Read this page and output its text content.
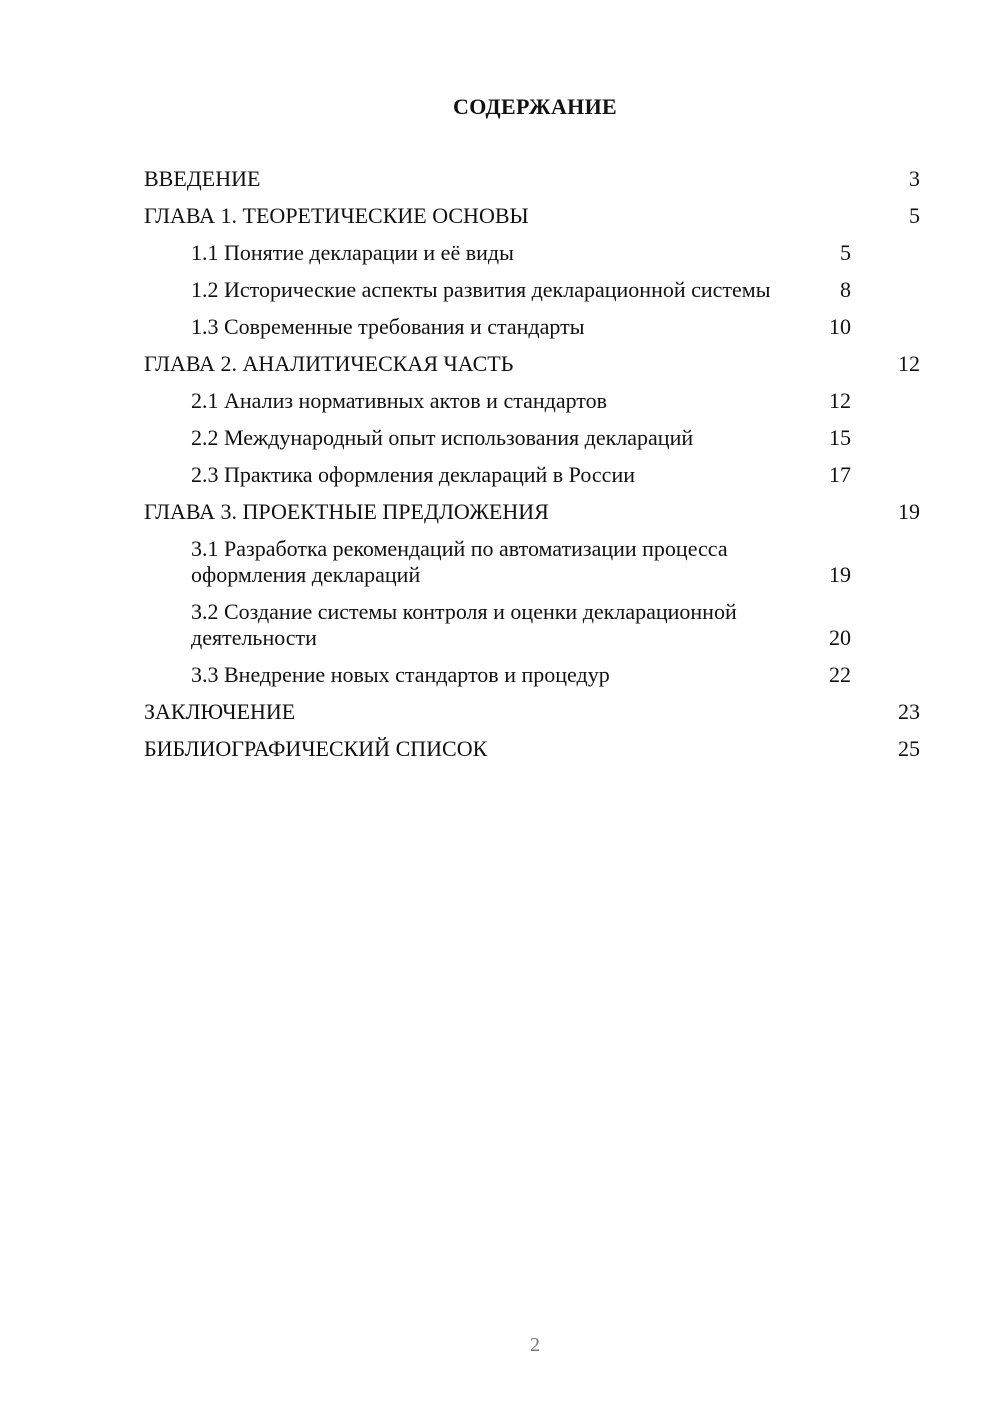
СОДЕРЖАНИЕ
ВВЕДЕНИЕ	3
ГЛАВА 1. ТЕОРЕТИЧЕСКИЕ ОСНОВЫ	5
1.1 Понятие декларации и её виды	5
1.2 Исторические аспекты развития декларационной системы	8
1.3 Современные требования и стандарты	10
ГЛАВА 2. АНАЛИТИЧЕСКАЯ ЧАСТЬ	12
2.1 Анализ нормативных актов и стандартов	12
2.2 Международный опыт использования деклараций	15
2.3 Практика оформления деклараций в России	17
ГЛАВА 3. ПРОЕКТНЫЕ ПРЕДЛОЖЕНИЯ	19
3.1 Разработка рекомендаций по автоматизации процесса оформления деклараций	19
3.2 Создание системы контроля и оценки декларационной деятельности	20
3.3 Внедрение новых стандартов и процедур	22
ЗАКЛЮЧЕНИЕ	23
БИБЛИОГРАФИЧЕСКИЙ СПИСОК	25
2
